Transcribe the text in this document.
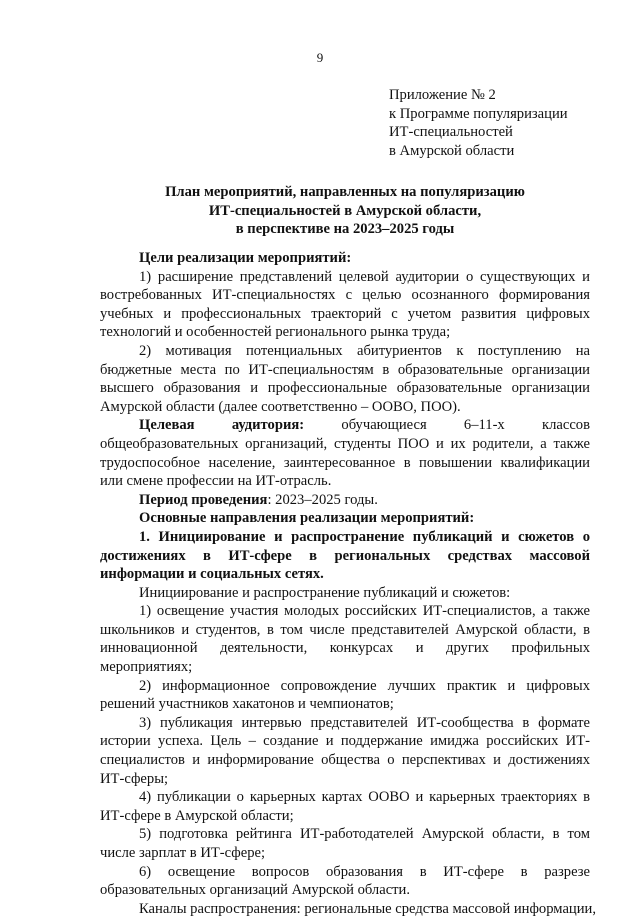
9
Приложение № 2
к Программе популяризации
ИТ-специальностей
в Амурской области
План мероприятий, направленных на популяризацию
ИТ-специальностей в Амурской области,
в перспективе на 2023–2025 годы

Цели реализации мероприятий:

1) расширение представлений целевой аудитории о существующих и востребованных ИТ-специальностях с целью осознанного формирования учебных и профессиональных траекторий с учетом развития цифровых технологий и особенностей регионального рынка труда;

2) мотивация потенциальных абитуриентов к поступлению на бюджетные места по ИТ-специальностям в образовательные организации высшего образования и профессиональные образовательные организации Амурской области (далее соответственно – ООВО, ПОО).

Целевая аудитория: обучающиеся 6–11-х классов общеобразовательных организаций, студенты ПОО и их родители, а также трудоспособное население, заинтересованное в повышении квалификации или смене профессии на ИТ-отрасль.

Период проведения: 2023–2025 годы.

Основные направления реализации мероприятий:

1. Инициирование и распространение публикаций и сюжетов о достижениях в ИТ-сфере в региональных средствах массовой информации и социальных сетях.

Инициирование и распространение публикаций и сюжетов:

1) освещение участия молодых российских ИТ-специалистов, а также школьников и студентов, в том числе представителей Амурской области, в инновационной деятельности, конкурсах и других профильных мероприятиях;

2) информационное сопровождение лучших практик и цифровых решений участников хакатонов и чемпионатов;

3) публикация интервью представителей ИТ-сообщества в формате истории успеха. Цель – создание и поддержание имиджа российских ИТ-специалистов и информирование общества о перспективах и достижениях ИТ-сферы;

4) публикации о карьерных картах ООВО и карьерных траекториях в ИТ-сфере в Амурской области;

5) подготовка рейтинга ИТ-работодателей Амурской области, в том числе зарплат в ИТ-сфере;

6) освещение вопросов образования в ИТ-сфере в разрезе образовательных организаций Амурской области.

Каналы распространения: региональные средства массовой информации,
